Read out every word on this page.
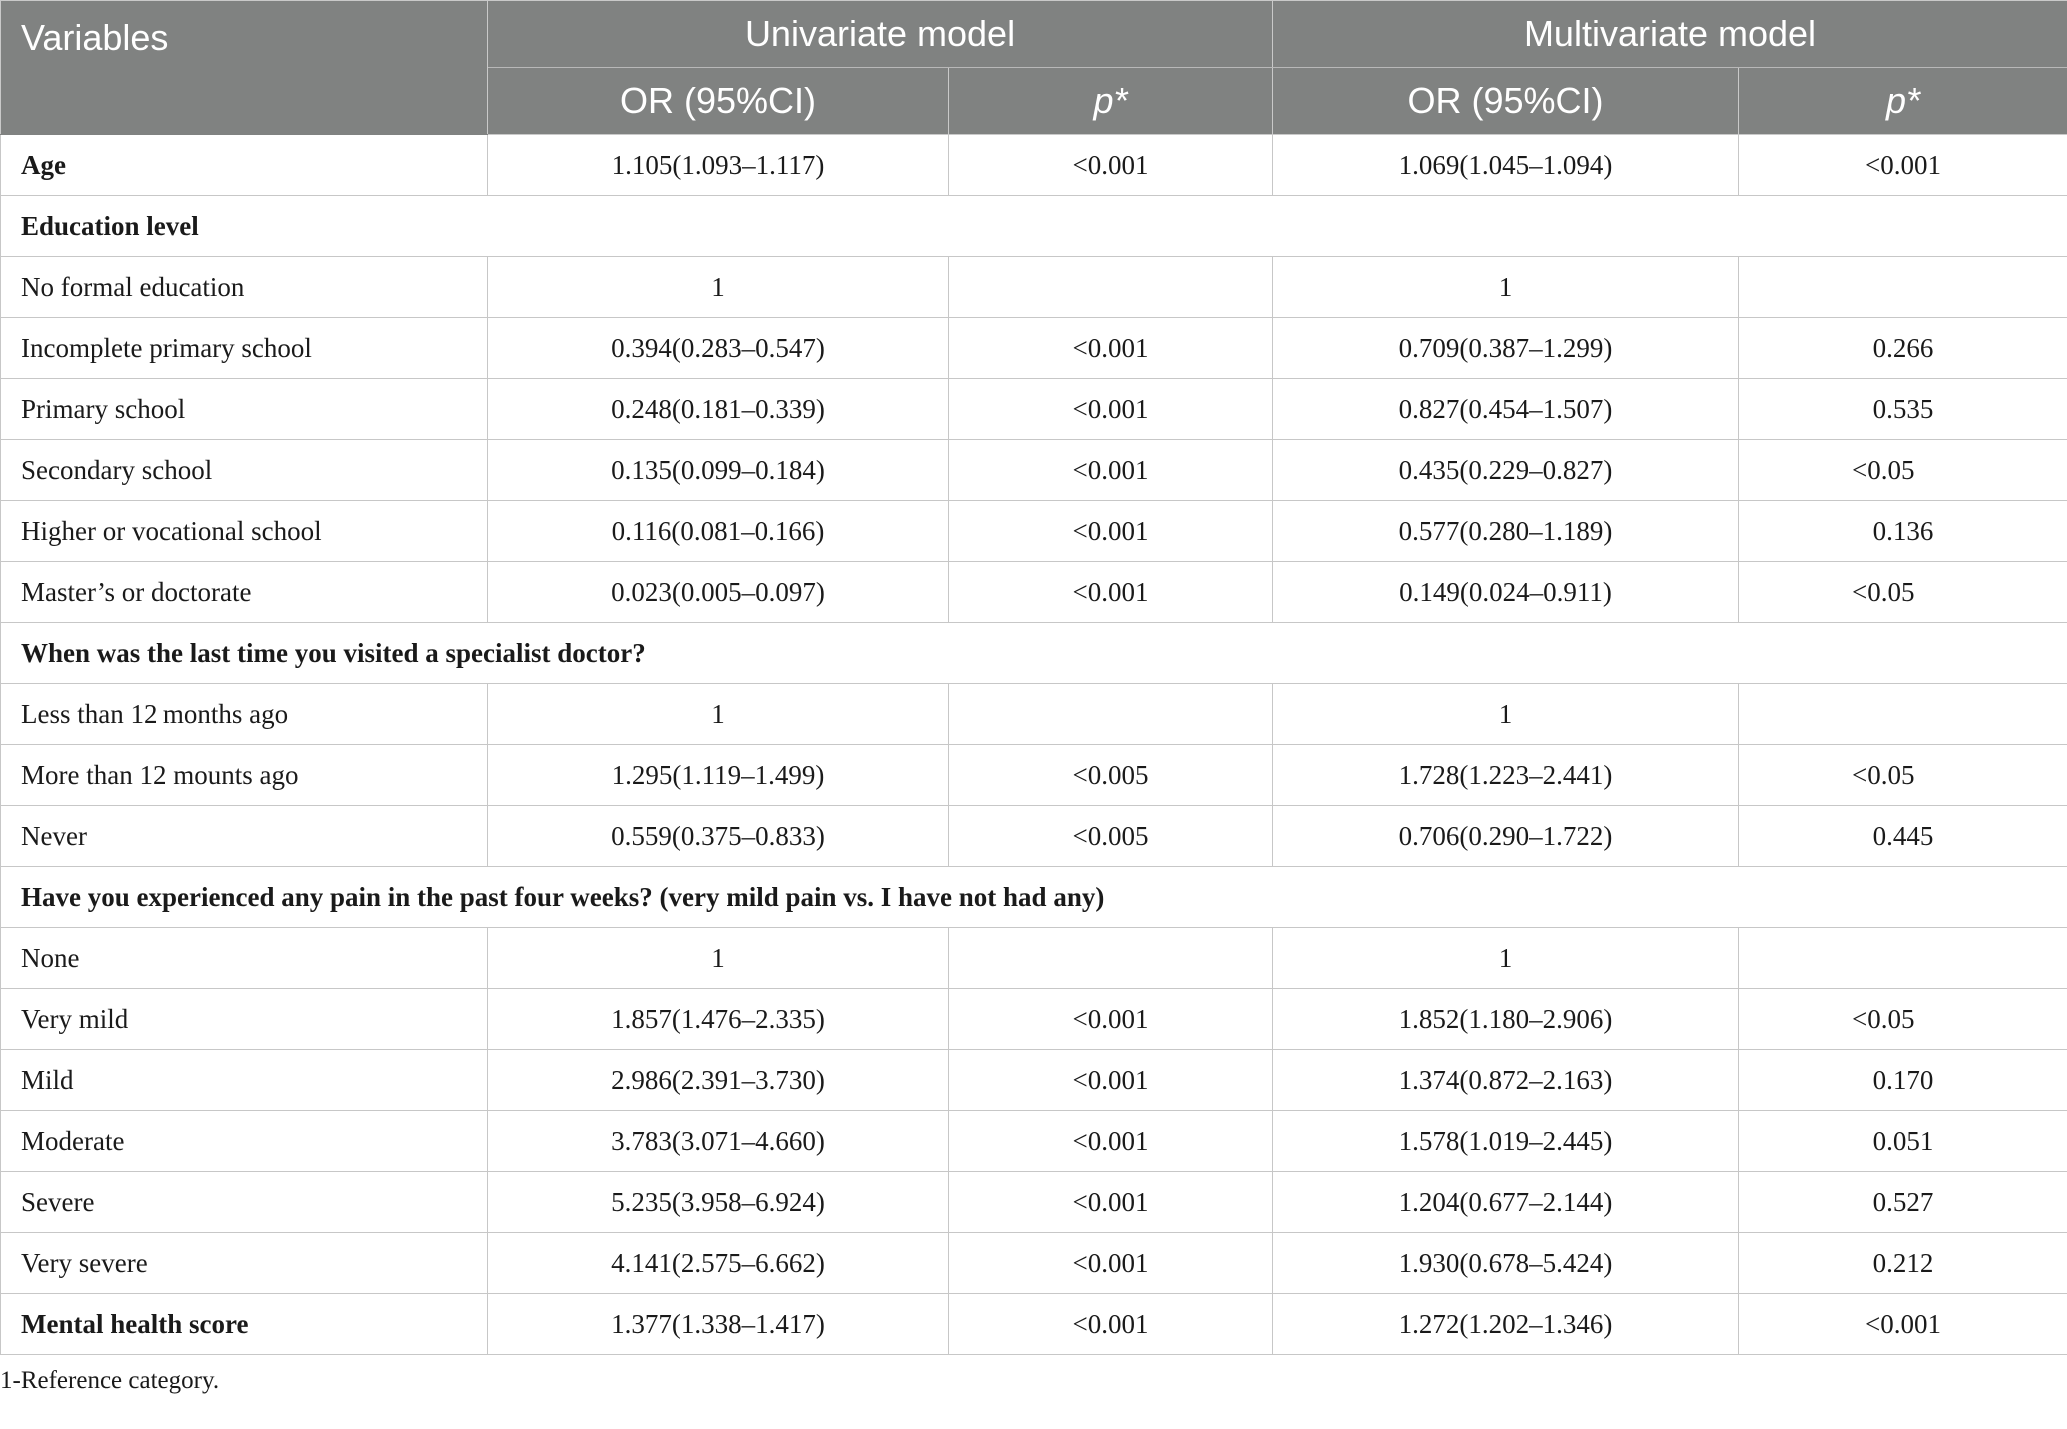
Variables	Univariate model		Multivariate model	
	OR (95%CI)	p*	OR (95%CI)	p*
Age	1.105(1.093–1.117)	<0.001	1.069(1.045–1.094)	<0.001
Education level				
No formal education	1		1	
Incomplete primary school	0.394(0.283–0.547)	<0.001	0.709(0.387–1.299)	0.266
Primary school	0.248(0.181–0.339)	<0.001	0.827(0.454–1.507)	0.535
Secondary school	0.135(0.099–0.184)	<0.001	0.435(0.229–0.827)	<0.05
Higher or vocational school	0.116(0.081–0.166)	<0.001	0.577(0.280–1.189)	0.136
Master’s or doctorate	0.023(0.005–0.097)	<0.001	0.149(0.024–0.911)	<0.05
When was the last time you visited a specialist doctor?				
Less than 12 months ago	1		1	
More than 12 mounts ago	1.295(1.119–1.499)	<0.005	1.728(1.223–2.441)	<0.05
Never	0.559(0.375–0.833)	<0.005	0.706(0.290–1.722)	0.445
Have you experienced any pain in the past four weeks? (very mild pain vs. I have not had any)				
None	1		1	
Very mild	1.857(1.476–2.335)	<0.001	1.852(1.180–2.906)	<0.05
Mild	2.986(2.391–3.730)	<0.001	1.374(0.872–2.163)	0.170
Moderate	3.783(3.071–4.660)	<0.001	1.578(1.019–2.445)	0.051
Severe	5.235(3.958–6.924)	<0.001	1.204(0.677–2.144)	0.527
Very severe	4.141(2.575–6.662)	<0.001	1.930(0.678–5.424)	0.212
Mental health score	1.377(1.338–1.417)	<0.001	1.272(1.202–1.346)	<0.001

1-Reference category.
